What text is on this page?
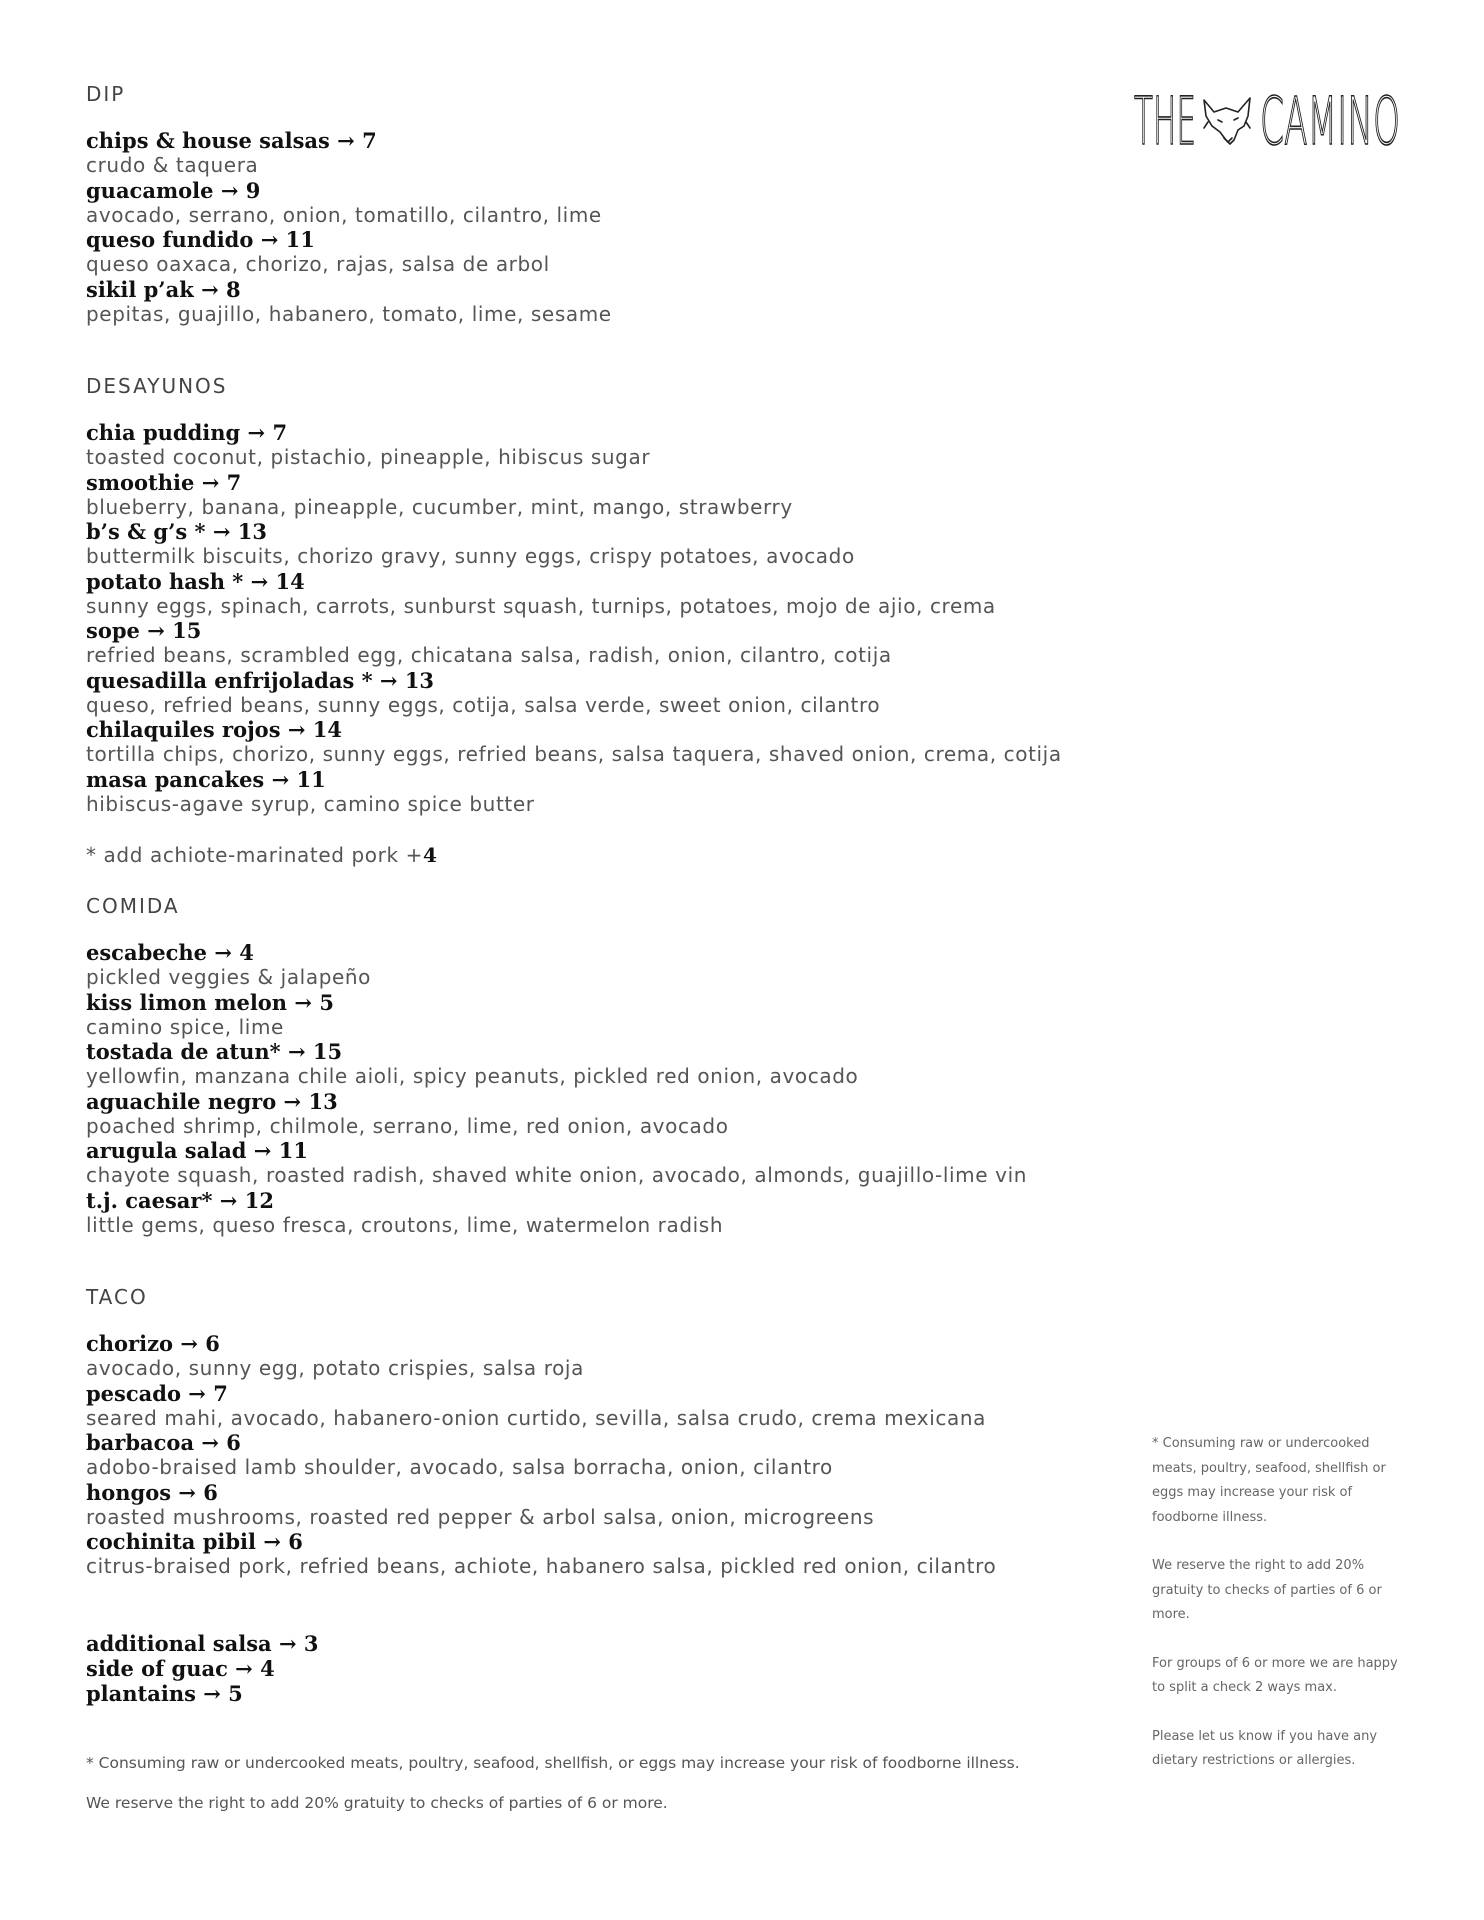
THE CAMINO
DIP
chips & house salsas → 7
crudo & taquera
guacamole → 9
avocado, serrano, onion, tomatillo, cilantro, lime
queso fundido → 11
queso oaxaca, chorizo, rajas, salsa de arbol
sikil p’ak → 8
pepitas, guajillo, habanero, tomato, lime, sesame
DESAYUNOS
chia pudding → 7
toasted coconut, pistachio, pineapple, hibiscus sugar
smoothie → 7
blueberry, banana, pineapple, cucumber, mint, mango, strawberry
b’s & g’s * → 13
buttermilk biscuits, chorizo gravy, sunny eggs, crispy potatoes, avocado
potato hash * → 14
sunny eggs, spinach, carrots, sunburst squash, turnips, potatoes, mojo de ajio, crema
sope → 15
refried beans, scrambled egg, chicatana salsa, radish, onion, cilantro, cotija
quesadilla enfrijoladas * → 13
queso, refried beans, sunny eggs, cotija, salsa verde, sweet onion, cilantro
chilaquiles rojos → 14
tortilla chips, chorizo, sunny eggs, refried beans, salsa taquera, shaved onion, crema, cotija
masa pancakes → 11
hibiscus-agave syrup, camino spice butter
* add achiote-marinated pork +4
COMIDA
escabeche → 4
pickled veggies & jalapeño
kiss limon melon → 5
camino spice, lime
tostada de atun* → 15
yellowfin, manzana chile aioli, spicy peanuts, pickled red onion, avocado
aguachile negro → 13
poached shrimp, chilmole, serrano, lime, red onion, avocado
arugula salad → 11
chayote squash, roasted radish, shaved white onion, avocado, almonds, guajillo-lime vin
t.j. caesar* → 12
little gems, queso fresca, croutons, lime, watermelon radish
TACO
chorizo → 6
avocado, sunny egg, potato crispies, salsa roja
pescado → 7
seared mahi, avocado, habanero-onion curtido, sevilla, salsa crudo, crema mexicana
barbacoa → 6
adobo-braised lamb shoulder, avocado, salsa borracha, onion, cilantro
hongos → 6
roasted mushrooms, roasted red pepper & arbol salsa, onion, microgreens
cochinita pibil → 6
citrus-braised pork, refried beans, achiote, habanero salsa, pickled red onion, cilantro
additional salsa → 3
side of guac → 4
plantains → 5

* Consuming raw or undercooked meats, poultry, seafood, shellfish, or eggs may increase your risk of foodborne illness.

We reserve the right to add 20% gratuity to checks of parties of 6 or more.

* Consuming raw or undercooked meats, poultry, seafood, shellfish or eggs may increase your risk of foodborne illness.

We reserve the right to add 20% gratuity to checks of parties of 6 or more.

For groups of 6 or more we are happy to split a check 2 ways max.

Please let us know if you have any dietary restrictions or allergies.
